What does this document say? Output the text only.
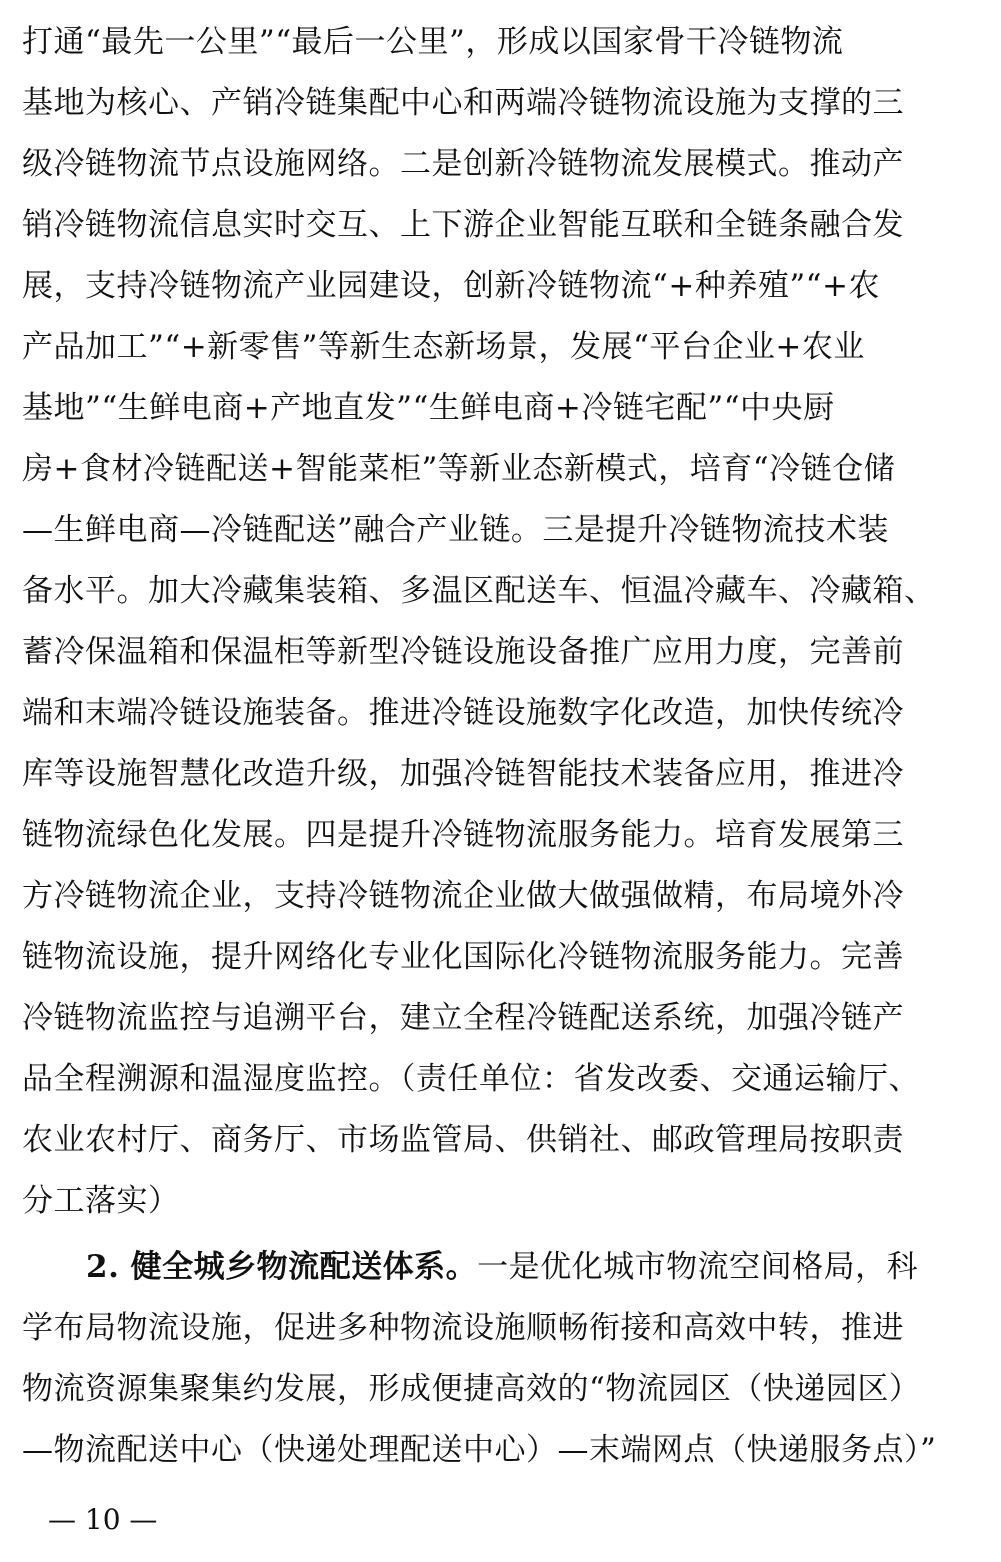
打通“最先一公里”“最后一公里”，形成以国家骨干冷链物流
基地为核心、产销冷链集配中心和两端冷链物流设施为支撑的三
级冷链物流节点设施网络。二是创新冷链物流发展模式。推动产
销冷链物流信息实时交互、上下游企业智能互联和全链条融合发
展，支持冷链物流产业园建设，创新冷链物流“+种养殖”“+农
产品加工”“+新零售”等新生态新场景，发展“平台企业+农业
基地”“生鲜电商+产地直发”“生鲜电商+冷链宅配”“中央厨
房+食材冷链配送+智能菜柜”等新业态新模式，培育“冷链仓储
—生鲜电商—冷链配送”融合产业链。三是提升冷链物流技术装
备水平。加大冷藏集装箱、多温区配送车、恒温冷藏车、冷藏箱、
蓄冷保温箱和保温柜等新型冷链设施设备推广应用力度，完善前
端和末端冷链设施装备。推进冷链设施数字化改造，加快传统冷
库等设施智慧化改造升级，加强冷链智能技术装备应用，推进冷
链物流绿色化发展。四是提升冷链物流服务能力。培育发展第三
方冷链物流企业，支持冷链物流企业做大做强做精，布局境外冷
链物流设施，提升网络化专业化国际化冷链物流服务能力。完善
冷链物流监控与追溯平台，建立全程冷链配送系统，加强冷链产
品全程溯源和温湿度监控。（责任单位：省发改委、交通运输厅、
农业农村厅、商务厅、市场监管局、供销社、邮政管理局按职责
分工落实）
2. 健全城乡物流配送体系。一是优化城市物流空间格局，科
学布局物流设施，促进多种物流设施顺畅衔接和高效中转，推进
物流资源集聚集约发展，形成便捷高效的“物流园区（快递园区）
—物流配送中心（快递处理配送中心）—末端网点（快递服务点）”
— 10 —
